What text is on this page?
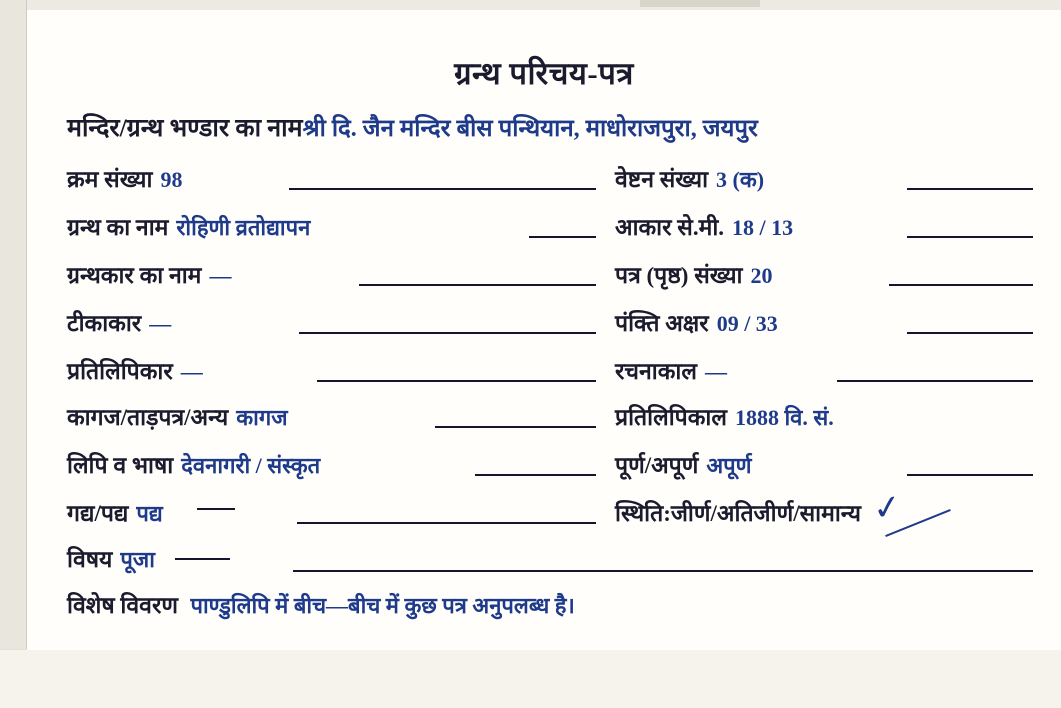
ग्रन्थ परिचय-पत्र
मन्दिर/ग्रन्थ भण्डार का नामश्री दि. जैन मन्दिर बीस पन्थियान, माधोराजपुरा, जयपुर
क्रम संख्या 98
ग्रन्थ का नाम रोहिणी व्रतोद्यापन
ग्रन्थकार का नाम —
टीकाकार —
प्रतिलिपिकार —
कागज/ताड़पत्र/अन्य कागज
लिपि व भाषा देवनागरी / संस्कृत
गद्य/पद्य पद्य
विषय पूजा
वेष्टन संख्या 3 (क)
आकार से.मी. 18 / 13
पत्र (पृष्ठ) संख्या 20
पंक्ति अक्षर 09 / 33
रचनाकाल —
प्रतिलिपिकाल 1888 वि. सं.
पूर्ण/अपूर्ण अपूर्ण
स्थिति:जीर्ण/अतिजीर्ण/सामान्य ✓
विशेष विवरण पाण्डुलिपि में बीच—बीच में कुछ पत्र अनुपलब्ध है।
